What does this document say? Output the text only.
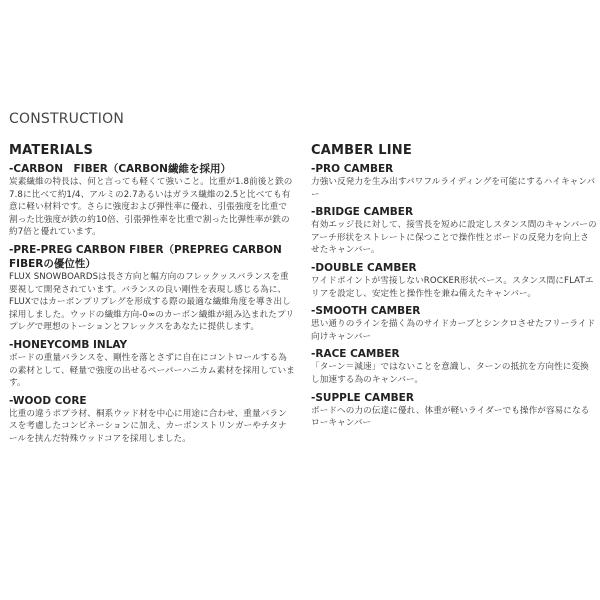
CONSTRUCTION
MATERIALS

-CARBON　FIBER（CARBON繊維を採用）

炭素繊維の特長は、何と言っても軽くて強いこと。比重が1.8前後と鉄の7.8に比べて約1/4、アルミの2.7あるいはガラス繊維の2.5と比べても有意に軽い材料です。さらに強度および弾性率に優れ、引張強度を比重で割った比強度が鉄の約10倍、引張弾性率を比重で割った比弾性率が鉄の約7倍と優れています。

-PRE-PREG CARBON FIBER（PREPREG CARBON FIBERの優位性）

FLUX SNOWBOARDSは長さ方向と幅方向のフレックッスバランスを重要視して開発されています。バランスの良い剛性を表現し感じる為に、FLUXではカーボンプリプレグを形成する際の最適な繊維角度を導き出し採用しました。ウッドの繊維方向-0∞のカーボン繊維が組み込まれたプリプレグで理想のトーションとフレックスをあなたに提供します。

-HONEYCOMB INLAY

ボードの重量バランスを、剛性を落とさずに自在にコントロールする為の素材として、軽量で強度の出せるペーパーハニカム素材を採用しています。

-WOOD CORE

比重の違うポプラ材、桐系ウッド材を中心に用途に合わせ、重量バランスを考慮したコンビネーションに加え、カーボンストリンガーやチタナールを挟んだ特殊ウッドコアを採用しました。

CAMBER LINE

-PRO CAMBER

力強い反発力を生み出すパワフルライディングを可能にするハイキャンバー

-BRIDGE CAMBER

有効エッジ長に対して、接雪長を短めに設定しスタンス間のキャンバーのアーチ形状をストレートに保つことで操作性とボードの反発力を向上させたキャンバー。

-DOUBLE CAMBER

ワイドポイントが雪接しないROCKER形状ベース。スタンス間にFLATエリアを設定し、安定性と操作性を兼ね備えたキャンバー。

-SMOOTH CAMBER

思い通りのラインを描く為のサイドカーブとシンクロさせたフリーライド向けキャンバー

-RACE CAMBER

「ターン＝減速」ではないことを意識し、ターンの抵抗を方向性に変換し加速する為のキャンバー。

-SUPPLE CAMBER

ボードへの力の伝達に優れ、体重が軽いライダーでも操作が容易になるローキャンバー
